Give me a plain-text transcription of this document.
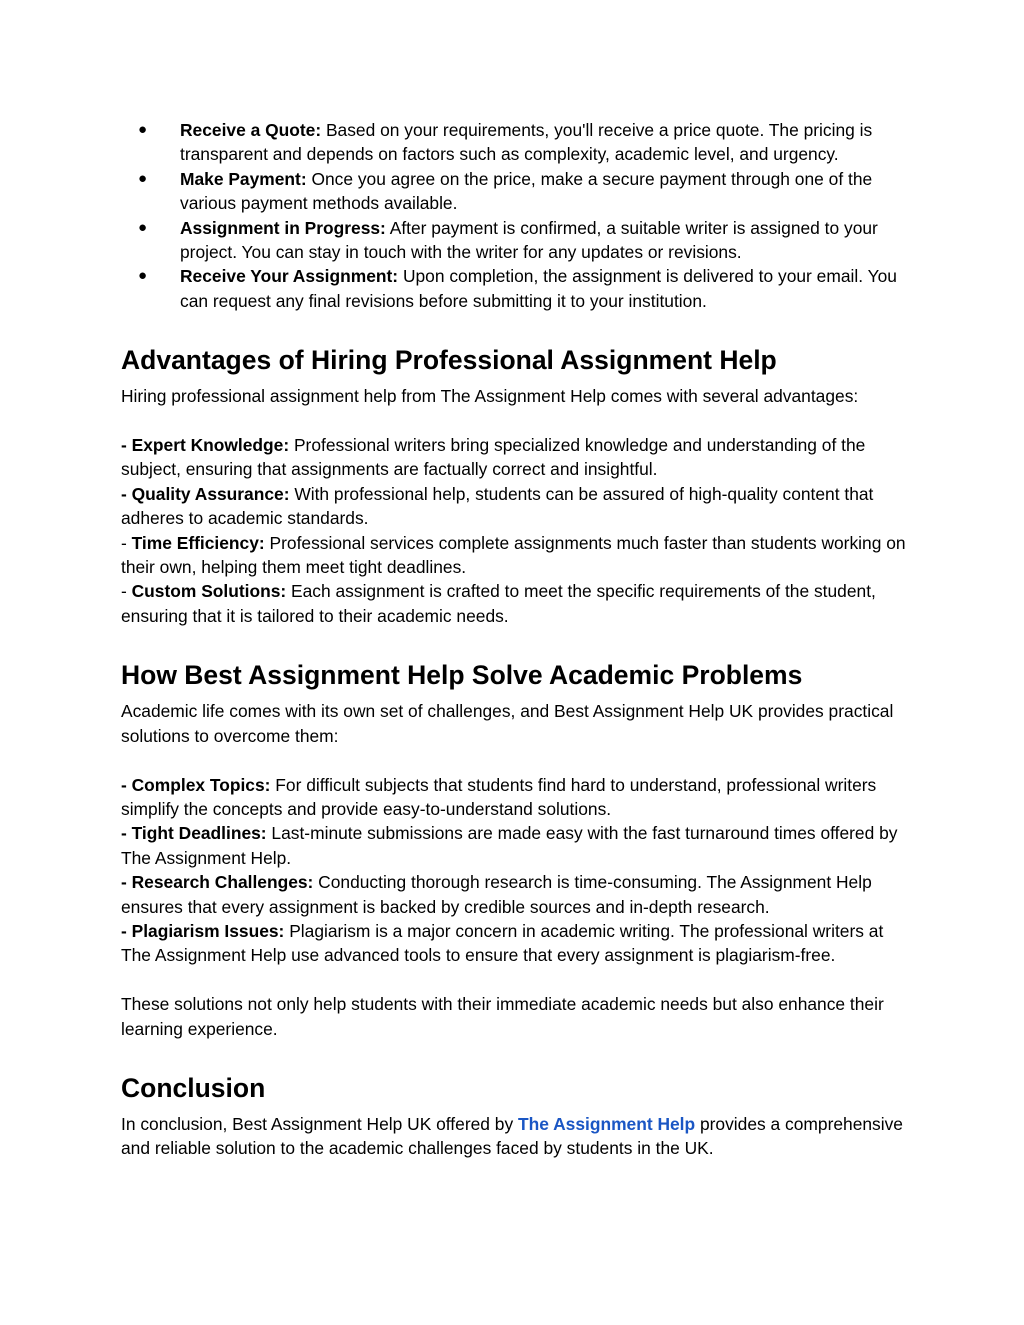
● Receive a Quote: Based on your requirements, you'll receive a price quote. The pricing is transparent and depends on factors such as complexity, academic level, and urgency.
● Make Payment: Once you agree on the price, make a secure payment through one of the various payment methods available.
● Assignment in Progress: After payment is confirmed, a suitable writer is assigned to your project. You can stay in touch with the writer for any updates or revisions.
● Receive Your Assignment: Upon completion, the assignment is delivered to your email. You can request any final revisions before submitting it to your institution.
Advantages of Hiring Professional Assignment Help

Hiring professional assignment help from The Assignment Help comes with several advantages:

- Expert Knowledge: Professional writers bring specialized knowledge and understanding of the subject, ensuring that assignments are factually correct and insightful.

- Quality Assurance: With professional help, students can be assured of high-quality content that adheres to academic standards.

- Time Efficiency: Professional services complete assignments much faster than students working on their own, helping them meet tight deadlines.

- Custom Solutions: Each assignment is crafted to meet the specific requirements of the student, ensuring that it is tailored to their academic needs.

How Best Assignment Help Solve Academic Problems

Academic life comes with its own set of challenges, and Best Assignment Help UK provides practical solutions to overcome them:

- Complex Topics: For difficult subjects that students find hard to understand, professional writers simplify the concepts and provide easy-to-understand solutions.

- Tight Deadlines: Last-minute submissions are made easy with the fast turnaround times offered by The Assignment Help.

- Research Challenges: Conducting thorough research is time-consuming. The Assignment Help ensures that every assignment is backed by credible sources and in-depth research.

- Plagiarism Issues: Plagiarism is a major concern in academic writing. The professional writers at The Assignment Help use advanced tools to ensure that every assignment is plagiarism-free.

These solutions not only help students with their immediate academic needs but also enhance their learning experience.

Conclusion

In conclusion, Best Assignment Help UK offered by The Assignment Help provides a comprehensive and reliable solution to the academic challenges faced by students in the UK.
